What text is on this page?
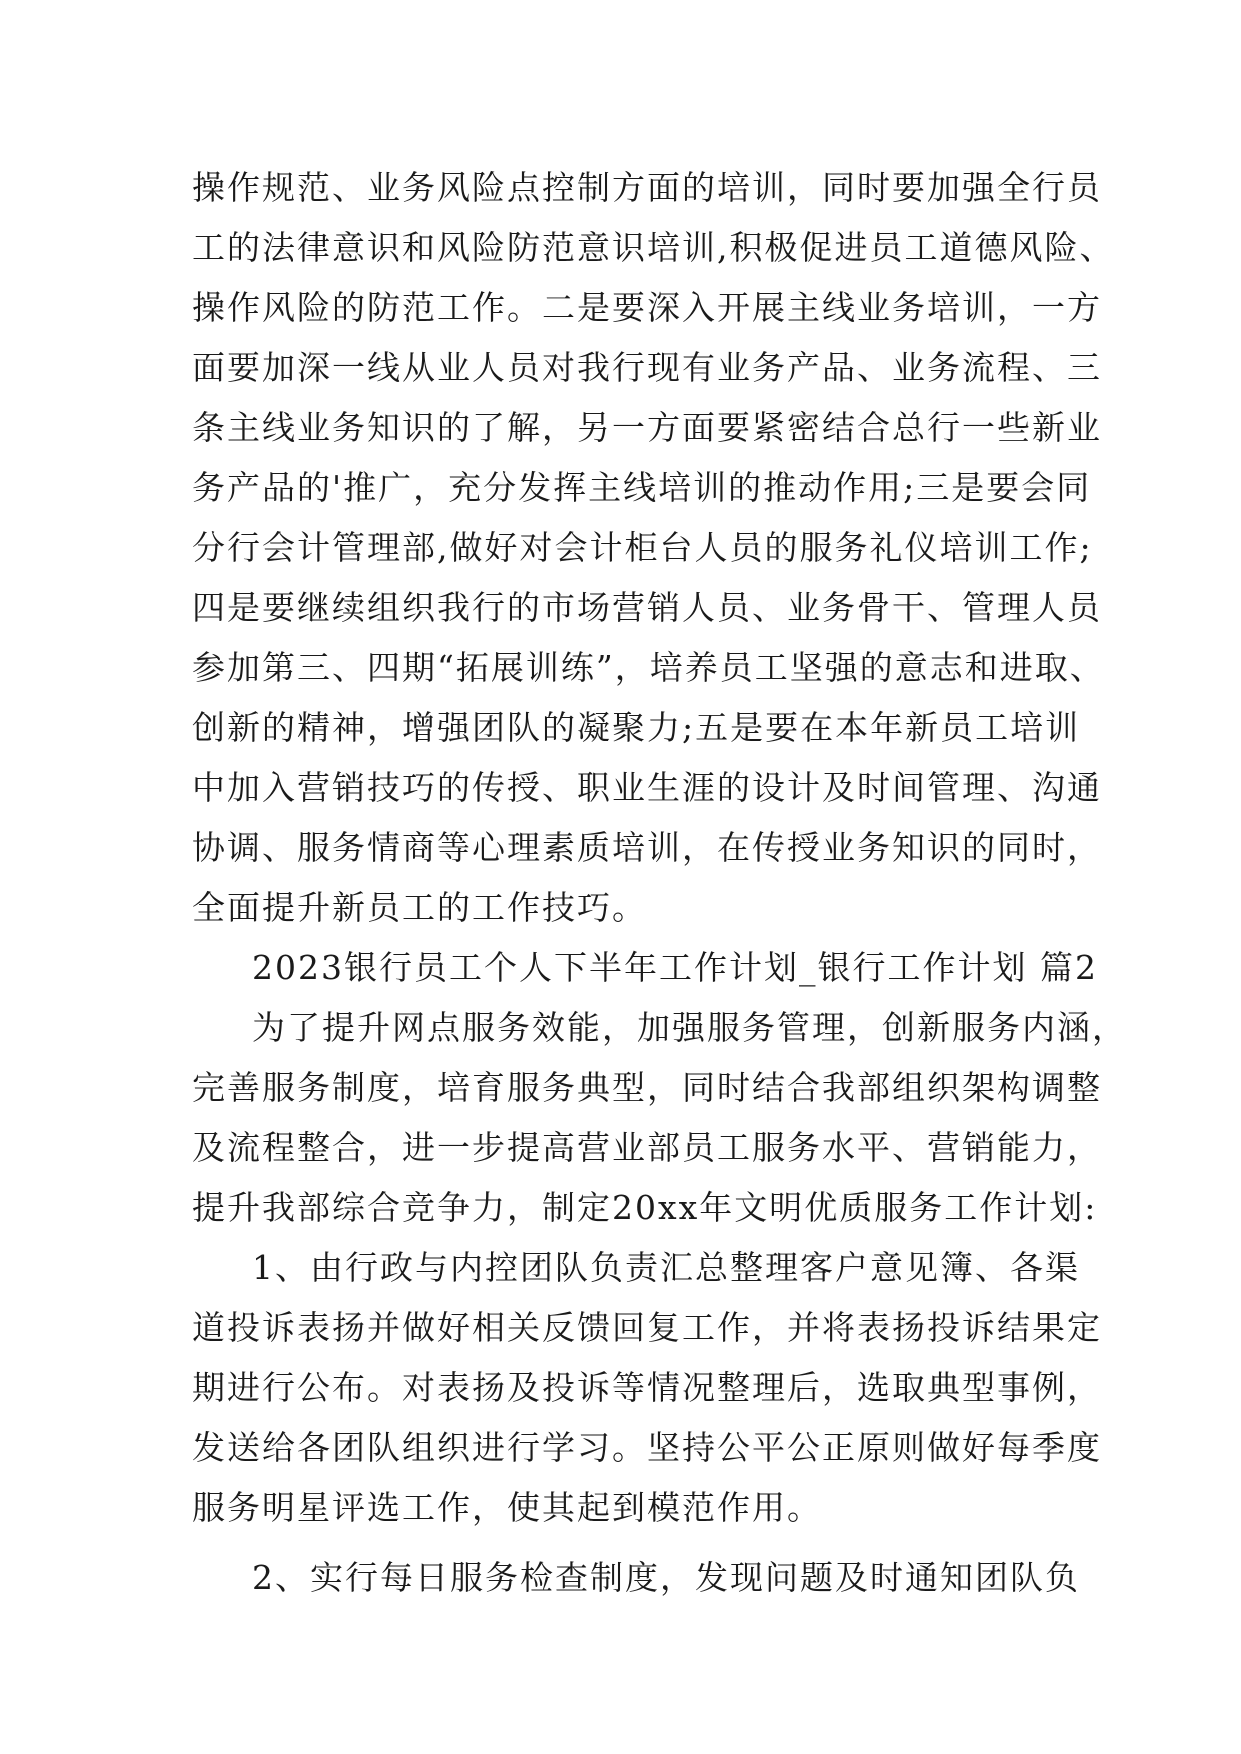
操作规范、业务风险点控制方面的培训，同时要加强全行员
工的法律意识和风险防范意识培训,积极促进员工道德风险、
操作风险的防范工作。二是要深入开展主线业务培训，一方
面要加深一线从业人员对我行现有业务产品、业务流程、三
条主线业务知识的了解，另一方面要紧密结合总行一些新业
务产品的'推广，充分发挥主线培训的推动作用;三是要会同
分行会计管理部,做好对会计柜台人员的服务礼仪培训工作;
四是要继续组织我行的市场营销人员、业务骨干、管理人员
参加第三、四期“拓展训练”，培养员工坚强的意志和进取、
创新的精神，增强团队的凝聚力;五是要在本年新员工培训
中加入营销技巧的传授、职业生涯的设计及时间管理、沟通
协调、服务情商等心理素质培训，在传授业务知识的同时，
全面提升新员工的工作技巧。
2023银行员工个人下半年工作计划_银行工作计划 篇2
为了提升网点服务效能，加强服务管理，创新服务内涵，
完善服务制度，培育服务典型，同时结合我部组织架构调整
及流程整合，进一步提高营业部员工服务水平、营销能力，
提升我部综合竞争力，制定20xx年文明优质服务工作计划:
1、由行政与内控团队负责汇总整理客户意见簿、各渠
道投诉表扬并做好相关反馈回复工作，并将表扬投诉结果定
期进行公布。对表扬及投诉等情况整理后，选取典型事例，
发送给各团队组织进行学习。坚持公平公正原则做好每季度
服务明星评选工作，使其起到模范作用。
2、实行每日服务检查制度，发现问题及时通知团队负
